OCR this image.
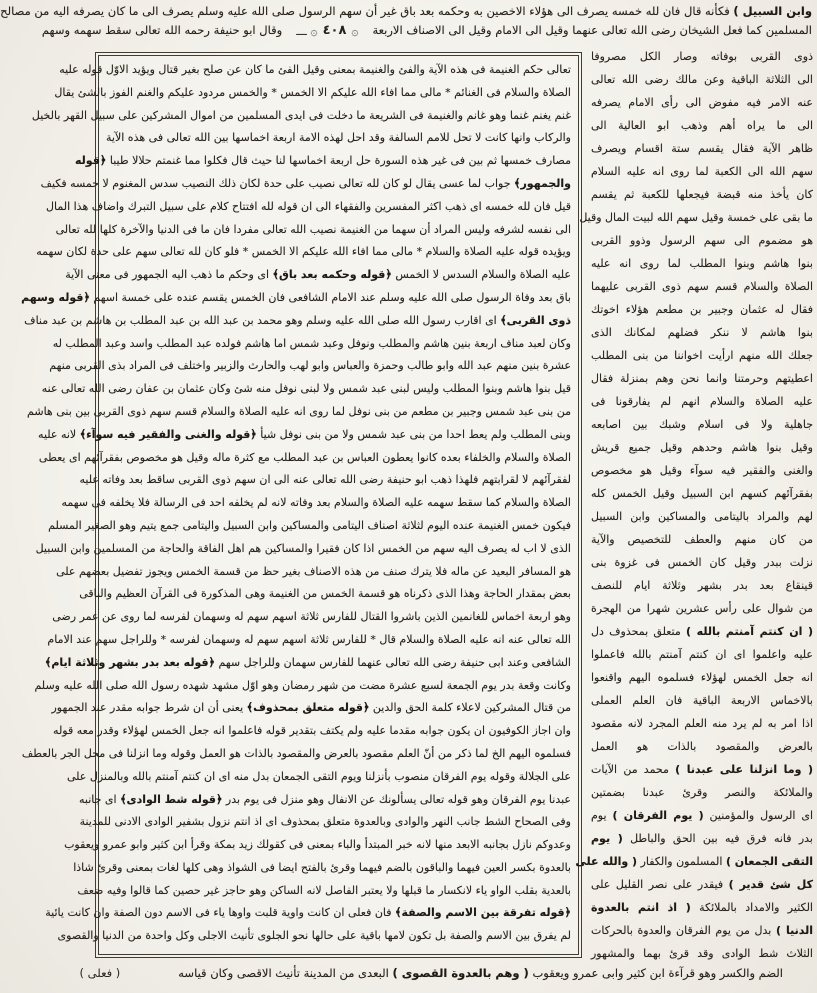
وابن السبيل ) فكأنه قال فان لله خمسه يصرف الى هؤلاء الاخصين به وحكمه بعد باق غير أن سهم الرسول صلى الله عليه وسلم يصرف الى ما كان يصرفه اليه من مصالح
المسلمين كما فعل الشيخان رضى الله تعالى عنهما وقيل الى الامام وقيل الى الاصناف الاربعة
۞
٤٠٨
۞ ـــ
وقال ابو حنيفة رحمه الله تعالى سقط سهمه وسهم
تعالى حكم الغنيمة فى هذه الآية والفئ والغنيمة بمعنى وقيل الفئ ما كان عن صلح بغير قتال ويؤيد الاوّل قوله عليه
الصلاة والسلام فى الغنائم * مالى مما افاء الله عليكم الا الخمس * والخمس مردود عليكم والغنم الفوز بالشئ يقال
غنم يغنم غنما وهو غانم والغنيمة فى الشريعة ما دخلت فى ايدى المسلمين من اموال المشركين على سبيل القهر بالخيل
والركاب وانها كانت لا تحل للامم السالفة وقد احل لهذه الامة اربعة اخماسها بين الله تعالى فى هذه الآية
مصارف خمسها ثم بين فى غير هذه السورة حل اربعة اخماسها لنا حيث قال فكلوا مما غنمتم حلالا طيبا ﴿قوله
والجمهور﴾ جواب لما عسى يقال لو كان لله تعالى نصيب على حدة لكان ذلك النصيب سدس المغنوم لا خمسه فكيف
قيل فان لله خمسه اى ذهب اكثر المفسرين والفقهاء الى ان قوله لله افتتاح كلام على سبيل التبرك واضاف هذا المال
الى نفسه لشرفه وليس المراد أن سهما من الغنيمة نصيب الله تعالى مفردا فان ما فى الدنيا والآخرة كلها لله تعالى
ويؤيده قوله عليه الصلاة والسلام * مالى مما افاء الله عليكم الا الخمس * فلو كان لله تعالى سهم على حدة لكان سهمه
عليه الصلاة والسلام السدس لا الخمس ﴿قوله وحكمه بعد باق﴾ اى وحكم ما ذهب اليه الجمهور فى معنى الآية
باق بعد وفاة الرسول صلى الله عليه وسلم عند الامام الشافعى فان الخمس يقسم عنده على خمسة اسهم ﴿قوله وسهم
ذوى القربى﴾ اى اقارب رسول الله صلى الله عليه وسلم وهو محمد بن عبد الله بن عبد المطلب بن هاشم بن عبد مناف
وكان لعبد مناف اربعة بنين هاشم والمطلب ونوفل وعبد شمس اما هاشم فولده عبد المطلب واسد وعبد المطلب له
عشرة بنين منهم عبد الله وابو طالب وحمزة والعباس وابو لهب والحارث والزبير واختلف فى المراد بذى القربى منهم
قيل بنوا هاشم وبنوا المطلب وليس لبنى عبد شمس ولا لبنى نوفل منه شئ وكان عثمان بن عفان رضى الله تعالى عنه
من بنى عبد شمس وجبير بن مطعم من بنى نوفل لما روى انه عليه الصلاة والسلام قسم سهم ذوى القربى بين بنى هاشم
وبنى المطلب ولم يعط احدا من بنى عبد شمس ولا من بنى نوفل شيأ ﴿قوله والغنى والفقير فيه سوآء﴾ لانه عليه
الصلاة والسلام والخلفاء بعده كانوا يعطون العباس بن عبد المطلب مع كثرة ماله وقيل هو مخصوص بفقرآئهم اى يعطى
لفقرآئهم لا لقرابتهم فلهذا ذهب ابو حنيفة رضى الله تعالى عنه الى ان سهم ذوى القربى ساقط بعد وفاته عليه
الصلاة والسلام كما سقط سهمه عليه الصلاة والسلام بعد وفاته لانه لم يخلفه احد فى الرسالة فلا يخلفه فى سهمه
فيكون خمس الغنيمة عنده اليوم لثلاثة اصناف اليتامى والمساكين وابن السبيل واليتامى جمع يتيم وهو الصغير المسلم
الذى لا اب له يصرف اليه سهم من الخمس اذا كان فقيرا والمساكين هم اهل الفاقة والحاجة من المسلمين وابن السبيل
هو المسافر البعيد عن ماله فلا يترك صنف من هذه الاصناف بغير حظ من قسمة الخمس ويجوز تفضيل بعضهم على
بعض بمقدار الحاجة وهذا الذى ذكرناه هو قسمة الخمس من الغنيمة وهى المذكورة فى القرآن العظيم والباقى
وهو اربعة اخماس للغانمين الذين باشروا القتال للفارس ثلاثة اسهم سهم له وسهمان لفرسه لما روى عن عمر رضى
الله تعالى عنه انه عليه الصلاة والسلام قال * للفارس ثلاثة اسهم سهم له وسهمان لفرسه * وللراجل سهم عند الامام
الشافعى وعند ابى حنيفة رضى الله تعالى عنهما للفارس سهمان وللراجل سهم ﴿قوله بعد بدر بشهر وثلاثة ايام﴾
وكانت وقعة بدر يوم الجمعة لسبع عشرة مضت من شهر رمضان وهو اوّل مشهد شهده رسول الله صلى الله عليه وسلم
من قتال المشركين لاعلاء كلمة الحق والدين ﴿قوله متعلق بمحذوف﴾ يعنى أن ان شرط جوابه مقدر عند الجمهور
وان اجاز الكوفيون ان يكون جوابه مقدما عليه ولم يكتف بتقدير قوله فاعلموا انه جعل الخمس لهؤلاء وقدر معه قوله
فسلموه اليهم الخ لما ذكر من أنّ العلم مقصود بالعرض والمقصود بالذات هو العمل وقوله وما انزلنا فى محل الجر بالعطف
على الجلالة وقوله يوم الفرقان منصوب بأنزلنا ويوم التقى الجمعان بدل منه اى ان كنتم آمنتم بالله وبالمنزل على
عبدنا يوم الفرقان وهو قوله تعالى يسألونك عن الانفال وهو منزل فى يوم بدر ﴿قوله شط الوادى﴾ اى جانبه
وفى الصحاح الشط جانب النهر والوادى وبالعدوة متعلق بمحذوف اى اذ انتم نزول بشفير الوادى الادنى للمدينة
وعدوكم نازل بجانبه الابعد منها لانه خبر المبتدأ والباء بمعنى فى كقولك زيد بمكة وقرأ ابن كثير وابو عمرو ويعقوب
بالعدوة بكسر العين فيهما والباقون بالضم فيهما وقرئ بالفتح ايضا فى الشواذ وهى كلها لغات بمعنى وقرئ شاذا
بالعدية بقلب الواو ياء لانكسار ما قبلها ولا يعتبر الفاصل لانه الساكن وهو حاجز غير حصين كما قالوا وفيه ضعف
﴿قوله تفرقة بين الاسم والصفة﴾ فان فعلى ان كانت واوية قلبت واوها ياء فى الاسم دون الصفة وان كانت يائية
لم يفرق بين الاسم والصفة بل تكون لامها باقية على حالها نحو الجلوى تأنيث الاجلى وكل واحدة من الدنيا والقصوى
ذوى القربى بوفاته وصار الكل مصروفا
الى الثلاثة الباقية وعن مالك رضى الله تعالى
عنه الامر فيه مفوض الى رأى الامام يصرفه
الى ما يراه أهم وذهب ابو العالية الى
ظاهر الآية فقال يقسم ستة اقسام ويصرف
سهم الله الى الكعبة لما روى انه عليه السلام
كان يأخذ منه قبضة فيجعلها للكعبة ثم يقسم
ما بقى على خمسة وقيل سهم الله لبيت المال وقيل
هو مضموم الى سهم الرسول وذوو القربى
بنوا هاشم وبنوا المطلب لما روى انه عليه
الصلاة والسلام قسم سهم ذوى القربى عليهما
فقال له عثمان وجبير بن مطعم هؤلاء اخوتك
بنوا هاشم لا ننكر فضلهم لمكانك الذى
جعلك الله منهم ارأيت اخواننا من بنى المطلب
اعطيتهم وحرمتنا وانما نحن وهم بمنزلة فقال
عليه الصلاة والسلام انهم لم يفارقونا فى
جاهلية ولا فى اسلام وشبك بين اصابعه
وقيل بنوا هاشم وحدهم وقيل جميع قريش
والغنى والفقير فيه سوآء وقيل هو مخصوص
بفقرآئهم كسهم ابن السبيل وقيل الخمس كله
لهم والمراد باليتامى والمساكين وابن السبيل
من كان منهم والعطف للتخصيص والآية
نزلت ببدر وقيل كان الخمس فى غزوة بنى
قينقاع بعد بدر بشهر وثلاثة ايام للنصف
من شوال على رأس عشرين شهرا من الهجرة
( ان كنتم آمنتم بالله ) متعلق بمحذوف دل
عليه واعلموا اى ان كنتم آمنتم بالله فاعملوا
انه جعل الخمس لهؤلاء فسلموه اليهم واقنعوا
بالاخماس الاربعة الباقية فان العلم العملى
اذا امر به لم يرد منه العلم المجرد لانه مقصود
بالعرض والمقصود بالذات هو العمل
( وما انزلنا على عبدنا ) محمد من الآيات
والملائكة والنصر وقرئ عبدنا بضمتين
اى الرسول والمؤمنين ( يوم الفرقان ) يوم
بدر فانه فرق فيه بين الحق والباطل ( يوم
التقى الجمعان ) المسلمون والكفار ( والله على
كل شئ قدير ) فيقدر على نصر القليل على
الكثير والامداد بالملائكة ( اذ انتم بالعدوة
الدنيا ) بدل من يوم الفرقان والعدوة بالحركات
الثلاث شط الوادى وقد قرئ بهما والمشهور
الضم والكسر وهو قرآءة ابن كثير وابى عمرو ويعقوب ( وهم بالعدوة القصوى ) البعدى من المدينة تأنيث الاقصى وكان قياسه
( فعلى )
